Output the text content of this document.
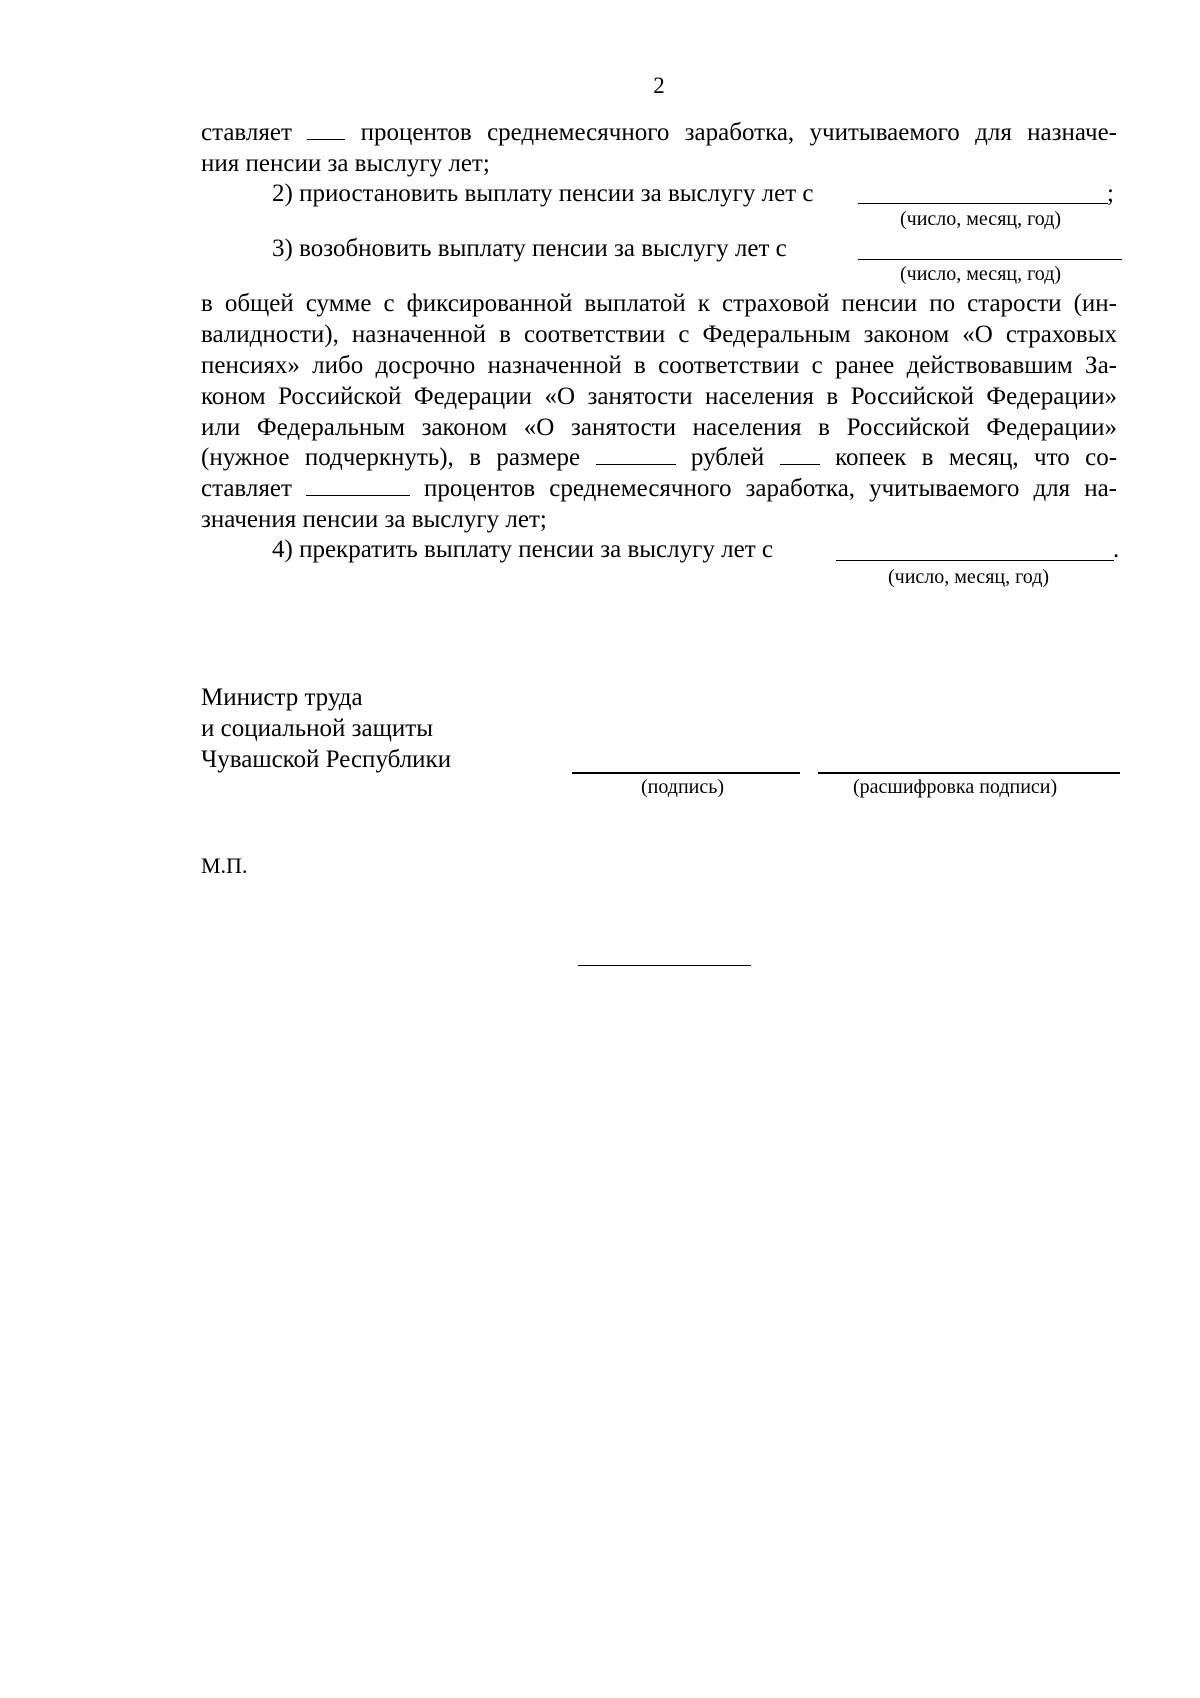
2
ставляет	процентов среднемесячного заработка, учитываемого для назначе-
ния пенсии за выслугу лет;
2) приостановить выплату пенсии за выслугу лет с	;
(число, месяц, год)
3) возобновить выплату пенсии за выслугу лет с
(число, месяц, год)
в общей сумме с фиксированной выплатой к страховой пенсии по старости (ин-
валидности), назначенной в соответствии с Федеральным законом «О страховых
пенсиях» либо досрочно назначенной в соответствии с ранее действовавшим За-
коном Российской Федерации «О занятости населения в Российской Федерации»
или Федеральным законом «О занятости населения в Российской Федерации»
(нужное подчеркнуть), в размере	рублей	копеек в месяц, что со-
ставляет	процентов среднемесячного заработка, учитываемого для на-
значения пенсии за выслугу лет;
4) прекратить выплату пенсии за выслугу лет с	.
(число, месяц, год)
Министр труда
и социальной защиты
Чувашской Республики
(подпись)	(расшифровка подписи)
М.П.
